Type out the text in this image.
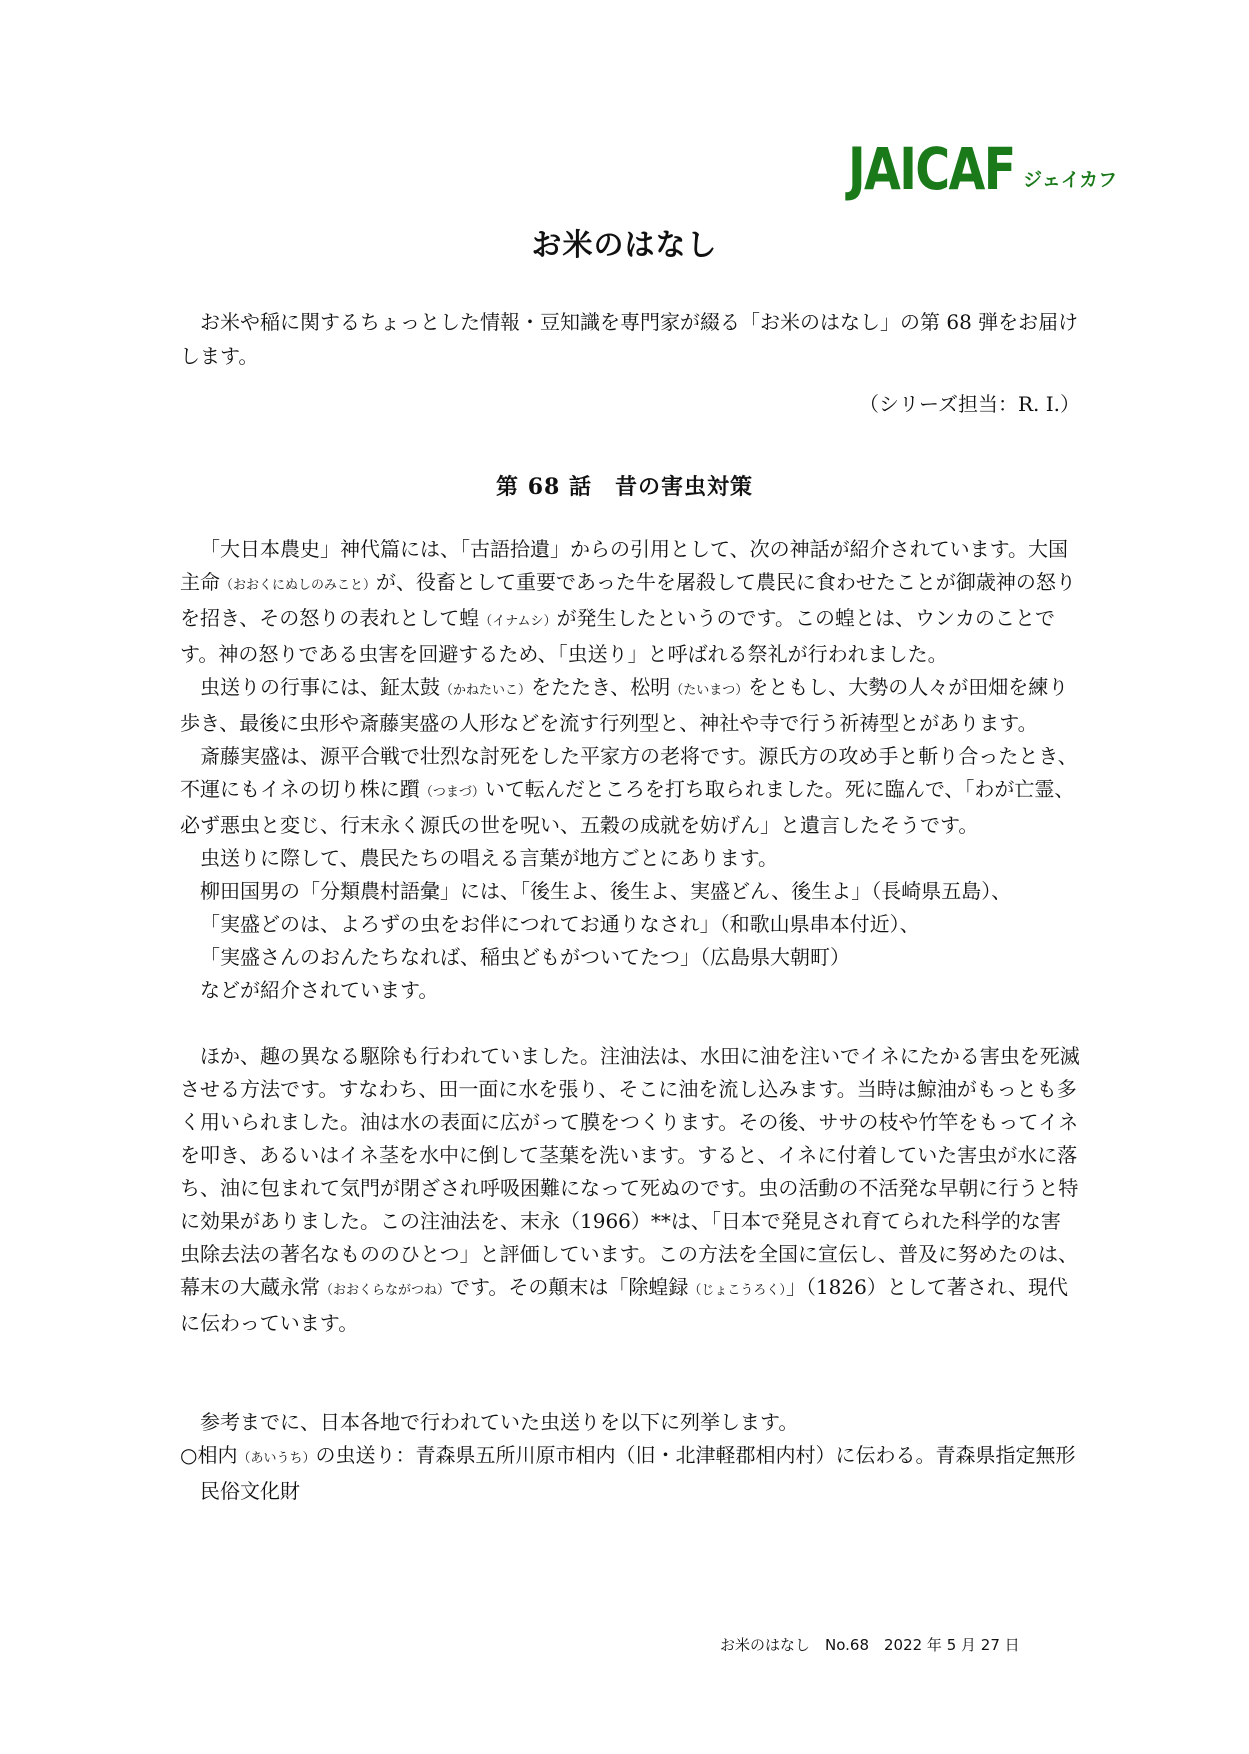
JAICAF ジェイカフ
お米のはなし

お米や稲に関するちょっとした情報・豆知識を専門家が綴る「お米のはなし」の第 68 弾をお届けします。

（シリーズ担当：R. I.）

第 68 話　昔の害虫対策

「大日本農史」神代篇には、「古語拾遺」からの引用として、次の神話が紹介されています。大国主命（おおくにぬしのみこと）が、役畜として重要であった牛を屠殺して農民に食わせたことが御歳神の怒りを招き、その怒りの表れとして蝗（イナムシ）が発生したというのです。この蝗とは、ウンカのことです。神の怒りである虫害を回避するため、「虫送り」と呼ばれる祭礼が行われました。

虫送りの行事には、鉦太鼓（かねたいこ）をたたき、松明（たいまつ）をともし、大勢の人々が田畑を練り歩き、最後に虫形や斎藤実盛の人形などを流す行列型と、神社や寺で行う祈祷型とがあります。

斎藤実盛は、源平合戦で壮烈な討死をした平家方の老将です。源氏方の攻め手と斬り合ったとき、不運にもイネの切り株に躓（つまづ）いて転んだところを打ち取られました。死に臨んで、「わが亡霊、必ず悪虫と変じ、行末永く源氏の世を呪い、五穀の成就を妨げん」と遺言したそうです。

虫送りに際して、農民たちの唱える言葉が地方ごとにあります。

柳田国男の「分類農村語彙」には、「後生よ、後生よ、実盛どん、後生よ」（長崎県五島）、

「実盛どのは、よろずの虫をお伴につれてお通りなされ」（和歌山県串本付近）、

「実盛さんのおんたちなれば、稲虫どもがついてたつ」（広島県大朝町）

などが紹介されています。

ほか、趣の異なる駆除も行われていました。注油法は、水田に油を注いでイネにたかる害虫を死滅させる方法です。すなわち、田一面に水を張り、そこに油を流し込みます。当時は鯨油がもっとも多く用いられました。油は水の表面に広がって膜をつくります。その後、ササの枝や竹竿をもってイネを叩き、あるいはイネ茎を水中に倒して茎葉を洗います。すると、イネに付着していた害虫が水に落ち、油に包まれて気門が閉ざされ呼吸困難になって死ぬのです。虫の活動の不活発な早朝に行うと特に効果がありました。この注油法を、末永（1966）**は、「日本で発見され育てられた科学的な害虫除去法の著名なもののひとつ」と評価しています。この方法を全国に宣伝し、普及に努めたのは、幕末の大蔵永常（おおくらながつね）です。その顛末は「除蝗録（じょこうろく）」（1826）として著され、現代に伝わっています。

参考までに、日本各地で行われていた虫送りを以下に列挙します。

○相内（あいうち）の虫送り：青森県五所川原市相内（旧・北津軽郡相内村）に伝わる。青森県指定無形民俗文化財

お米のはなし　No.68　2022 年 5 月 27 日
